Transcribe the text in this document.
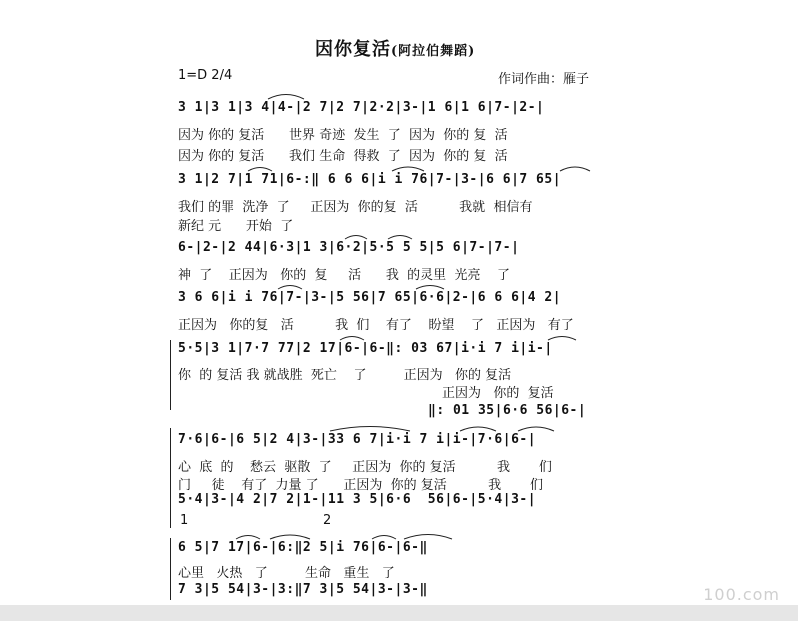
因你复活(阿拉伯舞蹈)
1=D 2/4	作词作曲：雁子
3 1|3 1|3 4|4-|2 7|2 7|2·2|3-|1 6|1 6|7-|2-|
因为 你的 复活      世界 奇迹  发生  了  因为  你的 复  活
因为 你的 复活      我们 生命  得救  了  因为  你的 复  活
3 1|2 7|1 71|6-:‖ 6 6 6|i i 76|7-|3-|6 6|7 65|
我们 的罪  洗净  了     正因为  你的复  活          我就  相信有
新纪 元      开始  了
6-|2-|2 44|6·3|1 3|6·2|5·5 5 5|5 6|7-|7-|
神  了    正因为   你的  复     活      我  的灵里  光亮    了
3 6 6|i i 76|7-|3-|5 56|7 65|6·6|2-|6 6 6|4 2|
正因为   你的复   活          我  们    有了    盼望    了   正因为   有了
5·5|3 1|7·7 77|2 17|6-|6-‖: 03 67|i·i 7 i|i-|
你  的 复活 我 就战胜  死亡    了         正因为   你的 复活
正因为   你的  复活
‖: 01 35|6·6 56|6-|
7·6|6-|6 5|2 4|3-|33 6 7|i·i 7 i|i-|7·6|6-|
心  底  的    愁云  驱散  了     正因为  你的 复活          我       们
门     徒    有了  力量 了      正因为  你的 复活          我       们
5·4|3-|4 2|7 2|1-|11 3 5|6·6  56|6-|5·4|3-|
1	2
6 5|7 17|6-|6:‖2 5|i 76|6-|6-‖
心里   火热   了         生命   重生   了
7 3|5 54|3-|3:‖7 3|5 54|3-|3-‖	100.com
